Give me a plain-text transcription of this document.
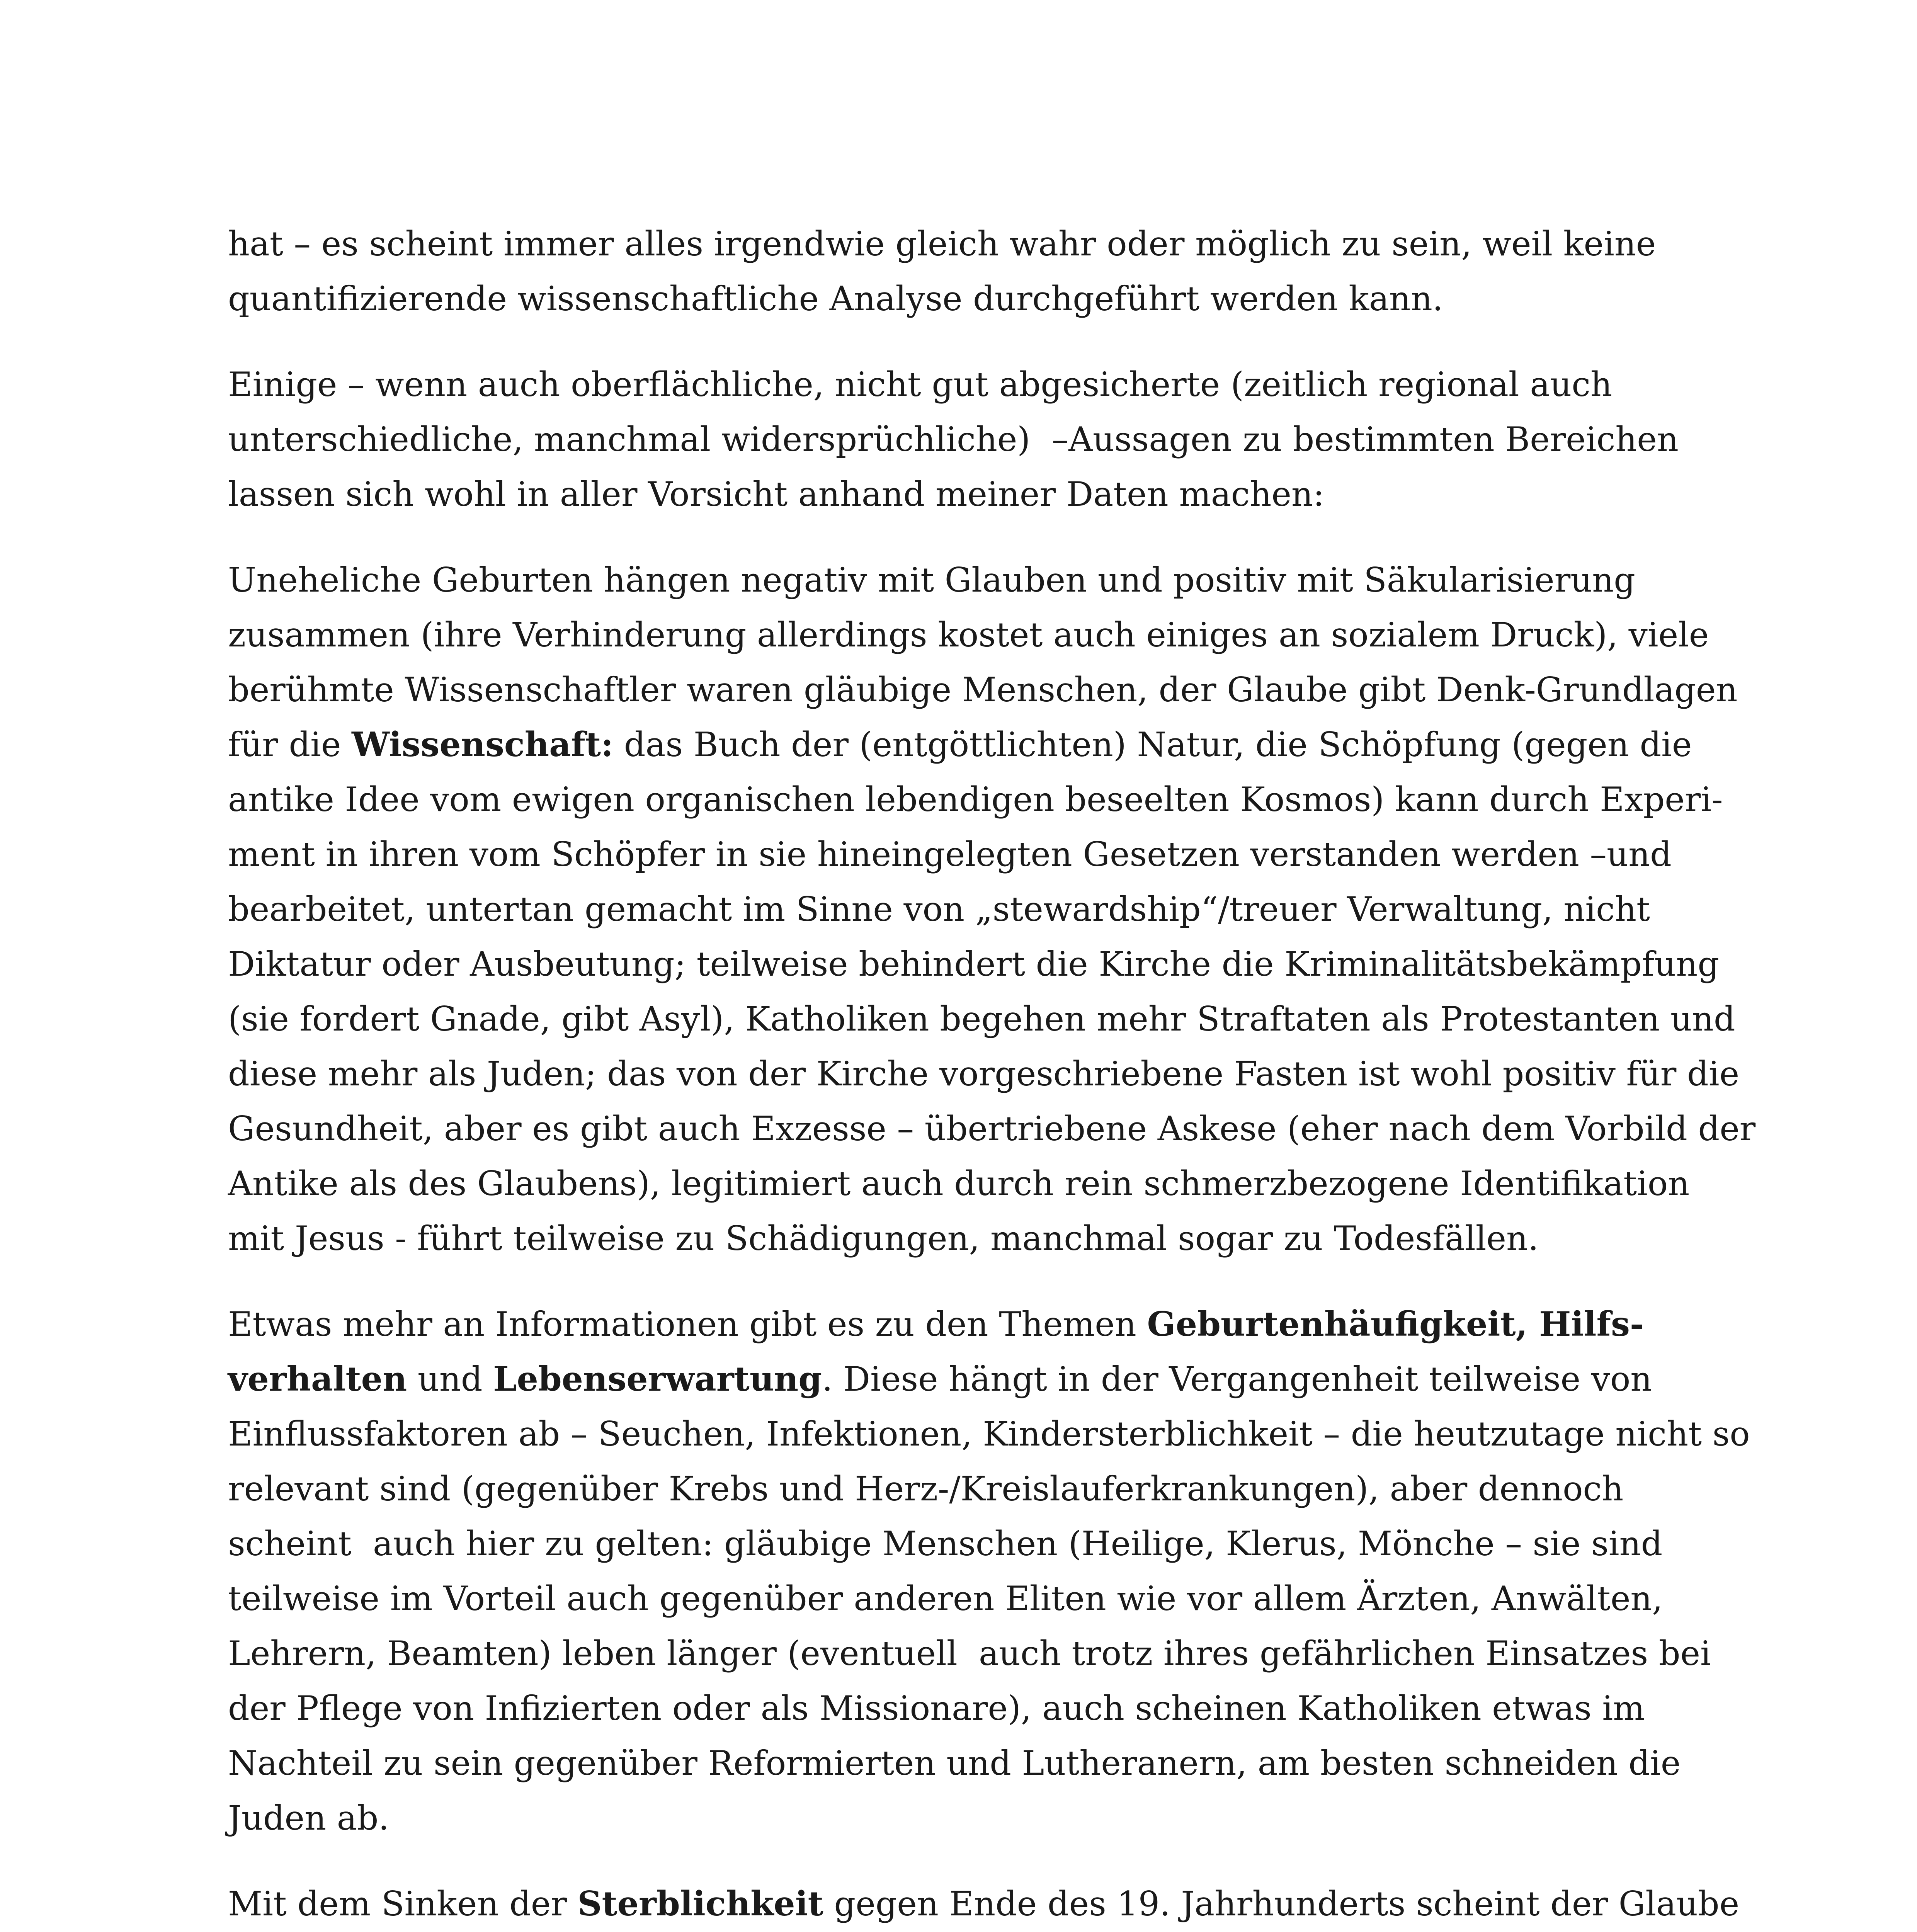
hat – es scheint immer alles irgendwie gleich wahr oder möglich zu sein, weil keine
quantifizierende wissenschaftliche Analyse durchgeführt werden kann.
Einige – wenn auch oberflächliche, nicht gut abgesicherte (zeitlich regional auch
unterschiedliche, manchmal widersprüchliche)  –Aussagen zu bestimmten Bereichen
lassen sich wohl in aller Vorsicht anhand meiner Daten machen:
Uneheliche Geburten hängen negativ mit Glauben und positiv mit Säkularisierung
zusammen (ihre Verhinderung allerdings kostet auch einiges an sozialem Druck), viele
berühmte Wissenschaftler waren gläubige Menschen, der Glaube gibt Denk-Grundlagen
für die Wissenschaft: das Buch der (entgöttlichten) Natur, die Schöpfung (gegen die
antike Idee vom ewigen organischen lebendigen beseelten Kosmos) kann durch Experi-
ment in ihren vom Schöpfer in sie hineingelegten Gesetzen verstanden werden –und
bearbeitet, untertan gemacht im Sinne von „stewardship“/treuer Verwaltung, nicht
Diktatur oder Ausbeutung; teilweise behindert die Kirche die Kriminalitätsbekämpfung
(sie fordert Gnade, gibt Asyl), Katholiken begehen mehr Straftaten als Protestanten und
diese mehr als Juden; das von der Kirche vorgeschriebene Fasten ist wohl positiv für die
Gesundheit, aber es gibt auch Exzesse – übertriebene Askese (eher nach dem Vorbild der
Antike als des Glaubens), legitimiert auch durch rein schmerzbezogene Identifikation
mit Jesus - führt teilweise zu Schädigungen, manchmal sogar zu Todesfällen.
Etwas mehr an Informationen gibt es zu den Themen Geburtenhäufigkeit, Hilfs-
verhalten und Lebenserwartung. Diese hängt in der Vergangenheit teilweise von
Einflussfaktoren ab – Seuchen, Infektionen, Kindersterblichkeit – die heutzutage nicht so
relevant sind (gegenüber Krebs und Herz-/Kreislauferkrankungen), aber dennoch
scheint  auch hier zu gelten: gläubige Menschen (Heilige, Klerus, Mönche – sie sind
teilweise im Vorteil auch gegenüber anderen Eliten wie vor allem Ärzten, Anwälten,
Lehrern, Beamten) leben länger (eventuell  auch trotz ihres gefährlichen Einsatzes bei
der Pflege von Infizierten oder als Missionare), auch scheinen Katholiken etwas im
Nachteil zu sein gegenüber Reformierten und Lutheranern, am besten schneiden die
Juden ab.
Mit dem Sinken der Sterblichkeit gegen Ende des 19. Jahrhunderts scheint der Glaube
